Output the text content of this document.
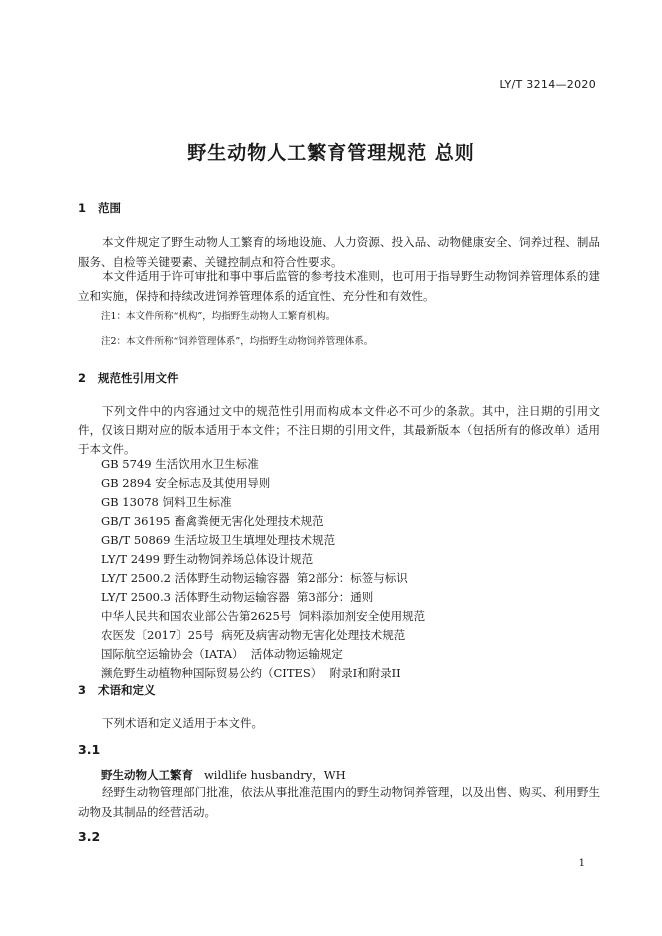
LY/T 3214—2020
野生动物人工繁育管理规范 总则
1 范围
本文件规定了野生动物人工繁育的场地设施、人力资源、投入品、动物健康安全、饲养过程、制品服务、自检等关键要素、关键控制点和符合性要求。
本文件适用于许可审批和事中事后监管的参考技术准则，也可用于指导野生动物饲养管理体系的建立和实施，保持和持续改进饲养管理体系的适宜性、充分性和有效性。
注1：本文件所称“机构”，均指野生动物人工繁育机构。
注2：本文件所称“饲养管理体系”，均指野生动物饲养管理体系。
2 规范性引用文件
下列文件中的内容通过文中的规范性引用而构成本文件必不可少的条款。其中，注日期的引用文件，仅该日期对应的版本适用于本文件；不注日期的引用文件，其最新版本（包括所有的修改单）适用于本文件。
GB 5749 生活饮用水卫生标准
GB 2894 安全标志及其使用导则
GB 13078 饲料卫生标准
GB/T 36195 畜禽粪便无害化处理技术规范
GB/T 50869 生活垃圾卫生填埋处理技术规范
LY/T 2499 野生动物饲养场总体设计规范
LY/T 2500.2 活体野生动物运输容器  第2部分：标签与标识
LY/T 2500.3 活体野生动物运输容器  第3部分：通则
中华人民共和国农业部公告第2625号  饲料添加剂安全使用规范
农医发〔2017〕25号  病死及病害动物无害化处理技术规范
国际航空运输协会（IATA）  活体动物运输规定
濒危野生动植物种国际贸易公约（CITES）  附录I和附录II
3 术语和定义
下列术语和定义适用于本文件。
3.1
野生动物人工繁育 wildlife husbandry，WH
经野生动物管理部门批准，依法从事批准范围内的野生动物饲养管理，以及出售、购买、利用野生动物及其制品的经营活动。
3.2
1
